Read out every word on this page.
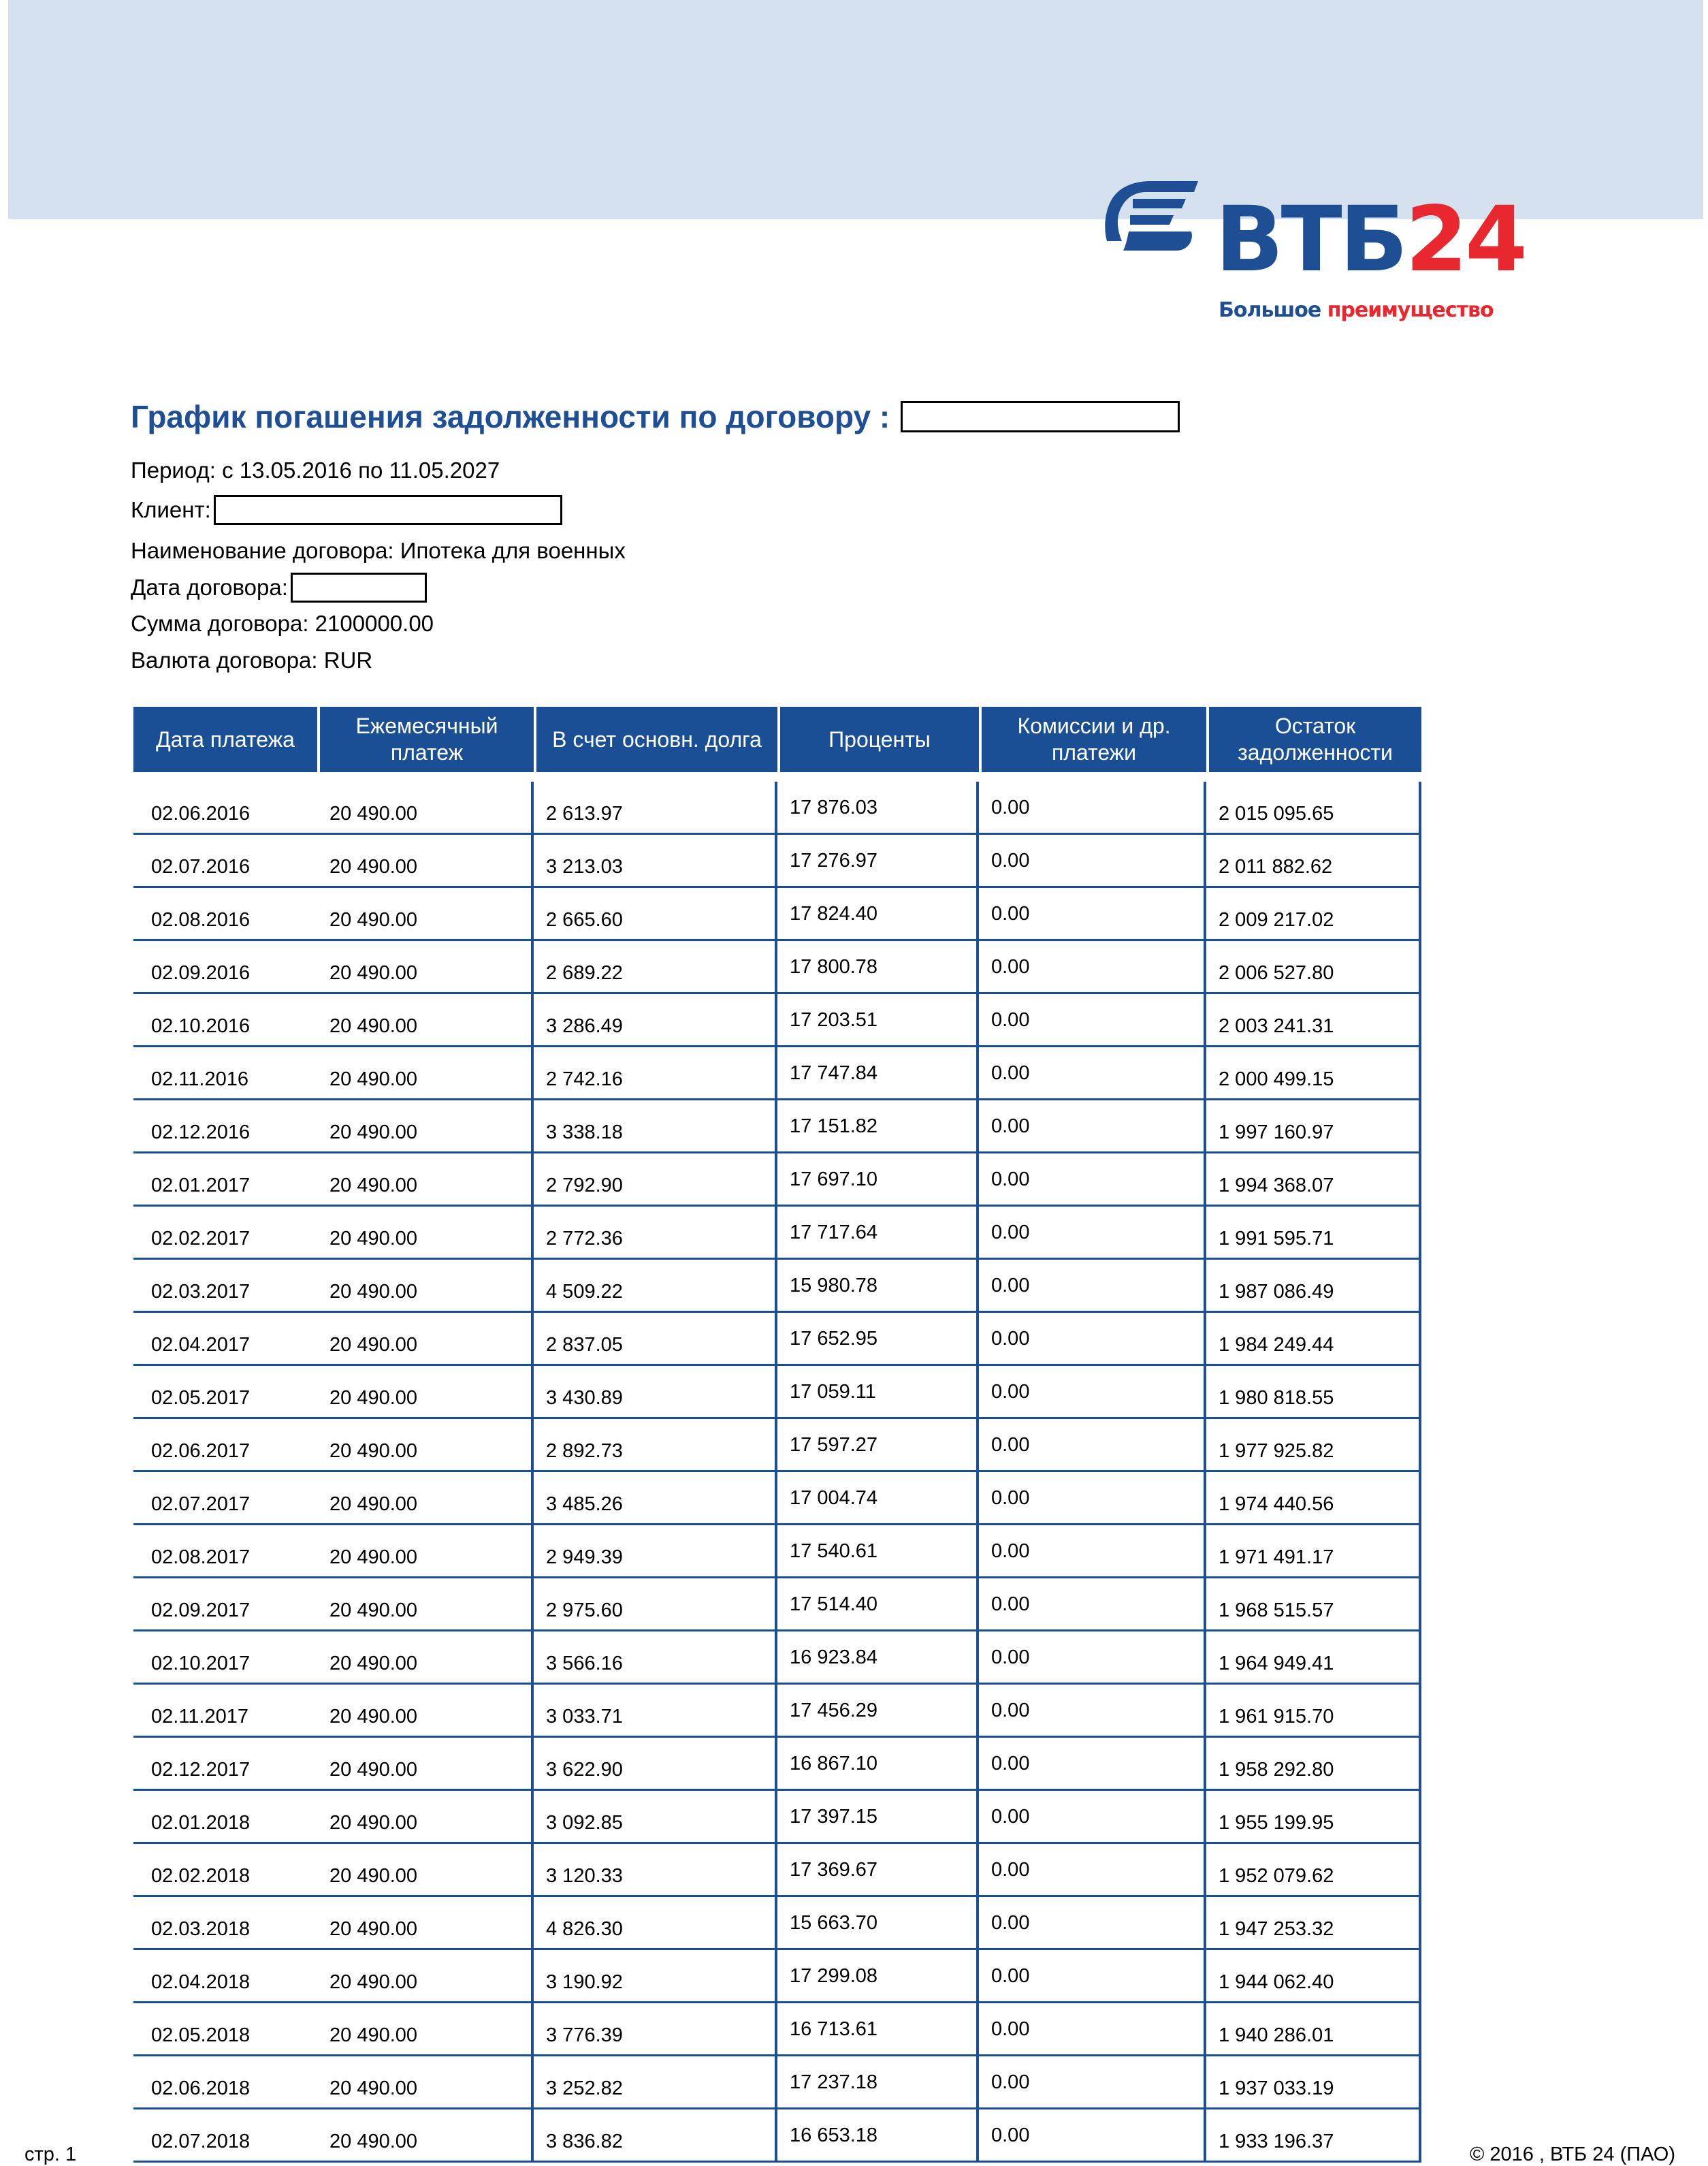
ВТБ24
Большое преимущество
График погашения задолженности по договору :
Период: с 13.05.2016 по 11.05.2027
Клиент:
Наименование договора: Ипотека для военных
Дата договора:
Сумма договора: 2100000.00
Валюта договора: RUR
Дата платежа	Ежемесячный платеж	В счет основн. долга	Проценты	Комиссии и др. платежи	Остаток задолженности

02.06.2016	20 490.00	2 613.97	17 876.03	0.00	2 015 095.65

02.07.2016	20 490.00	3 213.03	17 276.97	0.00	2 011 882.62

02.08.2016	20 490.00	2 665.60	17 824.40	0.00	2 009 217.02

02.09.2016	20 490.00	2 689.22	17 800.78	0.00	2 006 527.80

02.10.2016	20 490.00	3 286.49	17 203.51	0.00	2 003 241.31

02.11.2016	20 490.00	2 742.16	17 747.84	0.00	2 000 499.15

02.12.2016	20 490.00	3 338.18	17 151.82	0.00	1 997 160.97

02.01.2017	20 490.00	2 792.90	17 697.10	0.00	1 994 368.07

02.02.2017	20 490.00	2 772.36	17 717.64	0.00	1 991 595.71

02.03.2017	20 490.00	4 509.22	15 980.78	0.00	1 987 086.49

02.04.2017	20 490.00	2 837.05	17 652.95	0.00	1 984 249.44

02.05.2017	20 490.00	3 430.89	17 059.11	0.00	1 980 818.55

02.06.2017	20 490.00	2 892.73	17 597.27	0.00	1 977 925.82

02.07.2017	20 490.00	3 485.26	17 004.74	0.00	1 974 440.56

02.08.2017	20 490.00	2 949.39	17 540.61	0.00	1 971 491.17

02.09.2017	20 490.00	2 975.60	17 514.40	0.00	1 968 515.57

02.10.2017	20 490.00	3 566.16	16 923.84	0.00	1 964 949.41

02.11.2017	20 490.00	3 033.71	17 456.29	0.00	1 961 915.70

02.12.2017	20 490.00	3 622.90	16 867.10	0.00	1 958 292.80

02.01.2018	20 490.00	3 092.85	17 397.15	0.00	1 955 199.95

02.02.2018	20 490.00	3 120.33	17 369.67	0.00	1 952 079.62

02.03.2018	20 490.00	4 826.30	15 663.70	0.00	1 947 253.32

02.04.2018	20 490.00	3 190.92	17 299.08	0.00	1 944 062.40

02.05.2018	20 490.00	3 776.39	16 713.61	0.00	1 940 286.01

02.06.2018	20 490.00	3 252.82	17 237.18	0.00	1 937 033.19

02.07.2018	20 490.00	3 836.82	16 653.18	0.00	1 933 196.37
стр. 1	© 2016 , ВТБ 24 (ПАО)
